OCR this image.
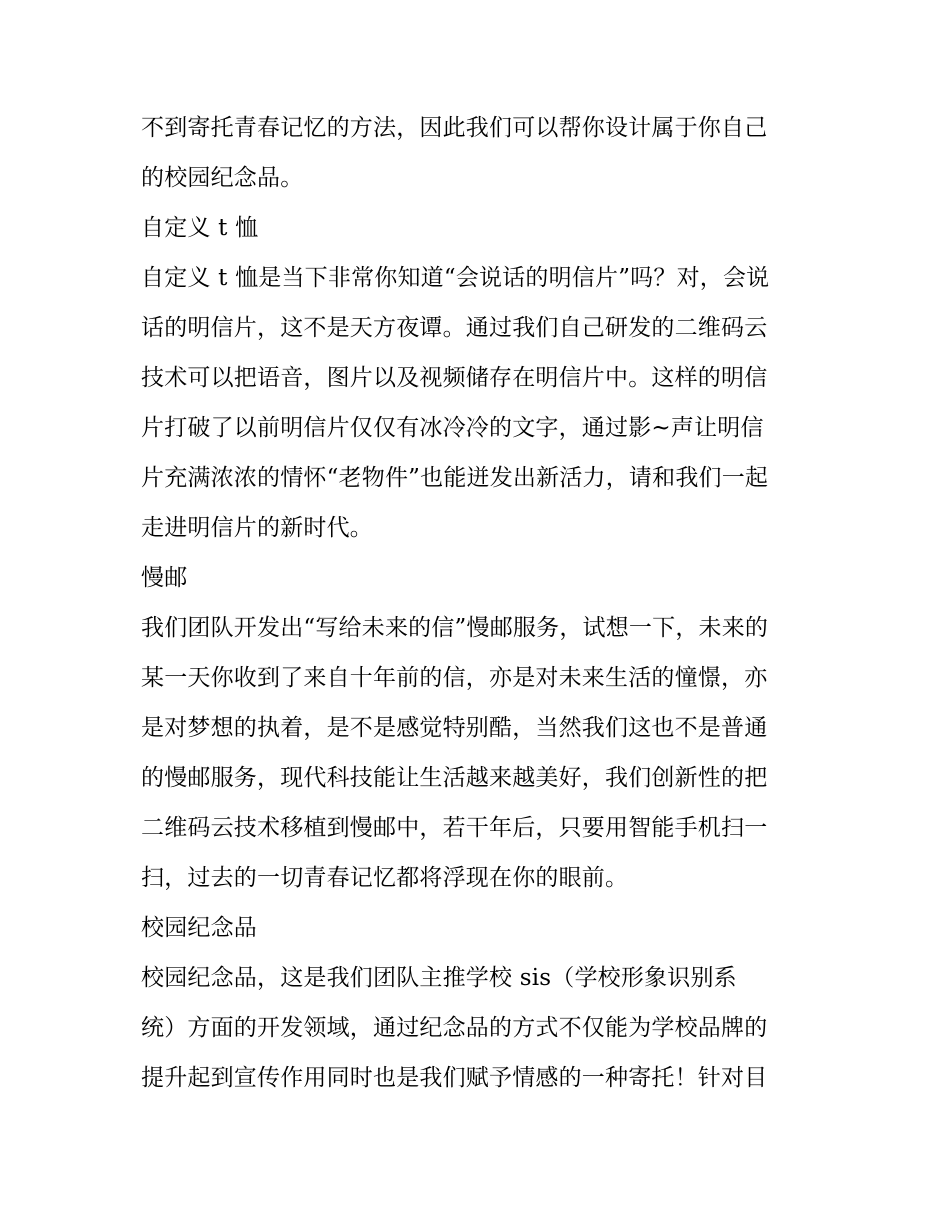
不到寄托青春记忆的方法，因此我们可以帮你设计属于你自己
的校园纪念品。
自定义 t 恤
自定义 t 恤是当下非常你知道“会说话的明信片”吗？对，会说
话的明信片，这不是天方夜谭。通过我们自己研发的二维码云
技术可以把语音，图片以及视频储存在明信片中。这样的明信
片打破了以前明信片仅仅有冰冷冷的文字，通过影~声让明信
片充满浓浓的情怀“老物件”也能迸发出新活力，请和我们一起
走进明信片的新时代。
慢邮
我们团队开发出“写给未来的信”慢邮服务，试想一下，未来的
某一天你收到了来自十年前的信，亦是对未来生活的憧憬，亦
是对梦想的执着，是不是感觉特别酷，当然我们这也不是普通
的慢邮服务，现代科技能让生活越来越美好，我们创新性的把
二维码云技术移植到慢邮中，若干年后，只要用智能手机扫一
扫，过去的一切青春记忆都将浮现在你的眼前。
校园纪念品
校园纪念品，这是我们团队主推学校 sis（学校形象识别系
统）方面的开发领域，通过纪念品的方式不仅能为学校品牌的
提升起到宣传作用同时也是我们赋予情感的一种寄托！针对目
